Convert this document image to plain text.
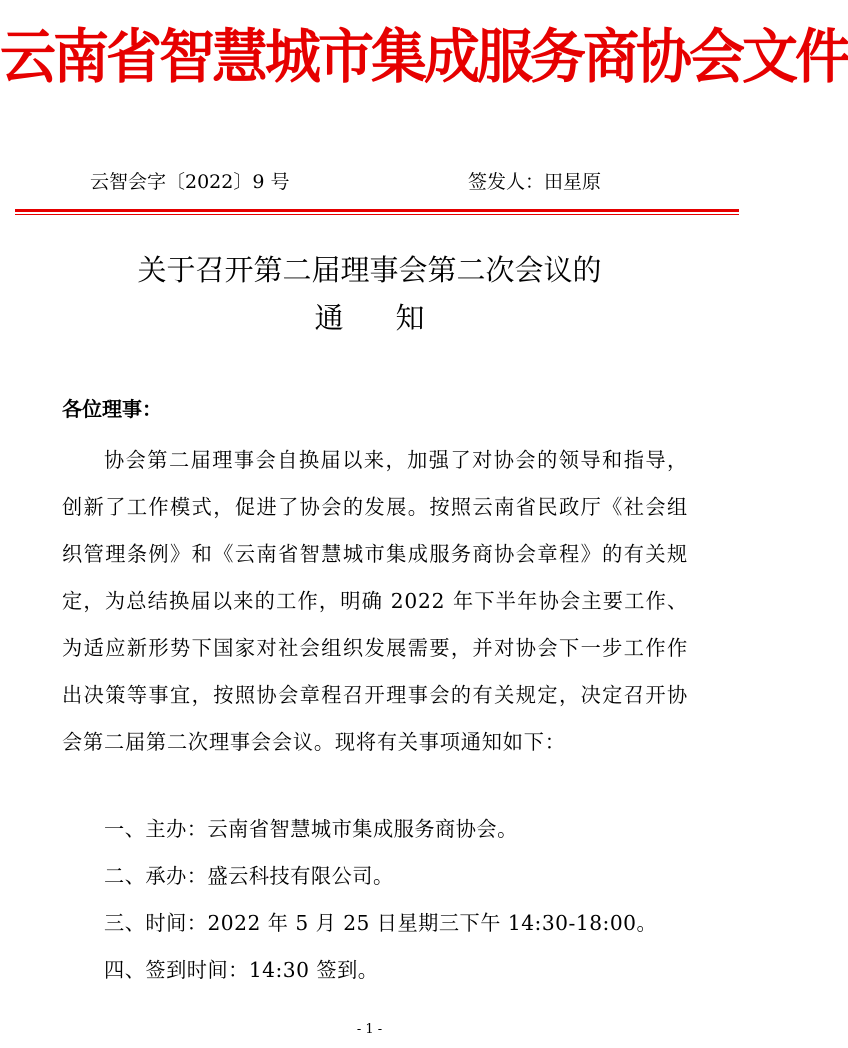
云南省智慧城市集成服务商协会文件
云智会字〔2022〕9 号	签发人：田星原
关于召开第二届理事会第二次会议的
通 知
各位理事：
协会第二届理事会自换届以来，加强了对协会的领导和指导，创新了工作模式，促进了协会的发展。按照云南省民政厅《社会组织管理条例》和《云南省智慧城市集成服务商协会章程》的有关规定，为总结换届以来的工作，明确 2022 年下半年协会主要工作、为适应新形势下国家对社会组织发展需要，并对协会下一步工作作出决策等事宜，按照协会章程召开理事会的有关规定，决定召开协会第二届第二次理事会会议。现将有关事项通知如下：
一、主办：云南省智慧城市集成服务商协会。
二、承办：盛云科技有限公司。
三、时间：2022 年 5 月 25 日星期三下午 14:30-18:00。
四、签到时间：14:30 签到。
- 1 -
